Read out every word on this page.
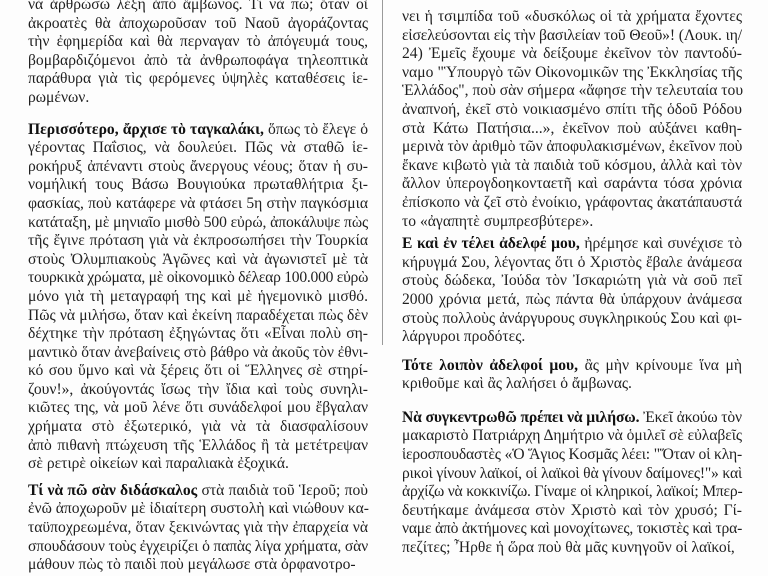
νὰ ἀρθρώσω λέξη ἀπὸ ἄμβωνος. Τί νὰ πῶ; ὅταν οἱ
ἀκροατὲς θὰ ἀποχωροῦσαν τοῦ Ναοῦ ἀγοράζοντας
τὴν ἐφημερίδα καὶ θὰ περναγαν τὸ ἀπόγευμά τους,
βομβαρδιζόμενοι ἀπὸ τὰ ἀνθρωποφάγα τηλεοπτικὰ
παράθυρα γιὰ τὶς φερόμενες ὑψηλὲς καταθέσεις ἱε-
ρωμένων.
Περισσότερο, ἄρχισε τὸ ταγκαλάκι, ὅπως τὸ ἔλεγε ὁ
γέροντας Παΐσιος, νὰ δουλεύει. Πῶς νὰ σταθῶ ἱε-
ροκήρυξ ἀπέναντι στοὺς ἄνεργους νέους; ὅταν ἡ συ-
νομήλική τους Βάσω Βουγιούκα πρωταθλήτρια ξι-
φασκίας, ποὺ κατάφερε νὰ φτάσει 5η στὴν παγκόσμια
κατάταξη, μὲ μηνιαῖο μισθὸ 500 εὐρώ, ἀποκάλυψε πὼς
τῆς ἔγινε πρόταση γιὰ νὰ ἐκπροσωπήσει τὴν Τουρκία
στοὺς Ὀλυμπιακοὺς Ἀγῶνες καὶ νὰ ἀγωνιστεῖ μὲ τὰ
τουρκικὰ χρώματα, μὲ οἰκονομικὸ δέλεαρ 100.000 εὐρὼ
μόνο γιὰ τὴ μεταγραφή της καὶ μὲ ἡγεμονικὸ μισθό.
Πῶς νὰ μιλήσω, ὅταν καὶ ἐκείνη παραδέχεται πὼς δὲν
δέχτηκε τὴν πρόταση ἐξηγώντας ὅτι «Εἶναι πολὺ ση-
μαντικὸ ὅταν ἀνεβαίνεις στὸ βάθρο νὰ ἀκοῦς τὸν ἐθνι-
κό σου ὕμνο καὶ νὰ ξέρεις ὅτι οἱ Ἕλληνες σὲ στηρί-
ζουν!», ἀκούγοντάς ἴσως τὴν ἴδια καὶ τοὺς συνηλι-
κιῶτες της, νὰ μοῦ λένε ὅτι συνάδελφοί μου ἔβγαλαν
χρήματα στὸ ἐξωτερικό, γιὰ νὰ τὰ διασφαλίσουν
ἀπὸ πιθανὴ πτώχευση τῆς Ἑλλάδος ἢ τὰ μετέτρεψαν
σὲ ρετιρὲ οἰκείων καὶ παραλιακὰ ἐξοχικά.
Τί νὰ πῶ σὰν διδάσκαλος στὰ παιδιὰ τοῦ Ἱεροῦ; ποὺ
ἐνῶ ἀποχωροῦν μὲ ἰδιαίτερη συστολὴ καὶ νιώθουν κα-
ταϋποχρεωμένα, ὅταν ξεκινώντας γιὰ τὴν ἐπαρχεία νὰ
σπουδάσουν τοὺς ἐγχειρίζει ὁ παπὰς λίγα χρήματα, σὰν
μάθουν πὼς τὸ παιδὶ ποὺ μεγάλωσε στὰ ὀρφανοτρο-
νει ἡ τσιμπίδα τοῦ «δυσκόλως οἱ τὰ χρήματα ἔχοντες
εἰσελεύσονται εἰς τὴν βασιλείαν τοῦ Θεοῦ»! (Λουκ. ιη/
24) Ἐμεῖς ἔχουμε νὰ δείξουμε ἐκεῖνον τὸν παντοδύ-
ναμο "Ὑπουργὸ τῶν Οἰκονομικῶν της Ἐκκλησίας τῆς
Ἑλλάδος", ποὺ σὰν σήμερα «ἄφησε τὴν τελευταία του
ἀναπνοή, ἐκεῖ στὸ νοικιασμένο σπίτι τῆς ὁδοῦ Ρόδου
στὰ Κάτω Πατήσια...», ἐκεῖνον ποὺ αὐξάνει καθη-
μερινὰ τὸν ἀριθμὸ τῶν ἀποφυλακισμένων, ἐκεῖνον ποὺ
ἔκανε κιβωτὸ γιὰ τὰ παιδιὰ τοῦ κόσμου, ἀλλὰ καὶ τὸν
ἄλλον ὑπερογδοηκονταετῆ καὶ σαράντα τόσα χρόνια
ἐπίσκοπο νὰ ζεῖ στὸ ἐνοίκιο, γράφοντας ἀκατάπαυστά
το «ἀγαπητὲ συμπρεσβύτερε».
Ε καὶ ἐν τέλει ἀδελφέ μου, ἠρέμησε καὶ συνέχισε τὸ
κήρυγμά Σου, λέγοντας ὅτι ὁ Χριστὸς ἔβαλε ἀνάμεσα
στοὺς δώδεκα, Ἰούδα τὸν Ἰσκαριώτη γιὰ νὰ σοῦ πεῖ
2000 χρόνια μετά, πὼς πάντα θὰ ὑπάρχουν ἀνάμεσα
στοὺς πολλοὺς ἀνάργυρους συγκληρικούς Σου καὶ φι-
λάργυροι προδότες.
Τότε λοιπὸν ἀδελφοί μου, ἂς μὴν κρίνουμε ἵνα μὴ
κριθοῦμε καὶ ἂς λαλήσει ὁ ἄμβωνας.
Νὰ συγκεντρωθῶ πρέπει νὰ μιλήσω. Ἐκεῖ ἀκούω τὸν
μακαριστὸ Πατριάρχη Δημήτριο νὰ ὁμιλεῖ σὲ εὐλαβεῖς
ἱεροσπουδαστὲς «Ὁ Ἅγιος Κοσμᾶς λέει: "Ὅταν οἱ κλη-
ρικοὶ γίνουν λαϊκοί, οἱ λαϊκοὶ θὰ γίνουν δαίμονες!"» καὶ
ἀρχίζω νὰ κοκκινίζω. Γίναμε οἱ κληρικοί, λαϊκοί; Μπερ-
δευτήκαμε ἀνάμεσα στὸν Χριστὸ καὶ τὸν χρυσό; Γί-
ναμε ἀπὸ ἀκτήμονες καὶ μονοχίτωνες, τοκιστὲς καὶ τρα-
πεζίτες; Ἦρθε ἡ ὥρα ποὺ θὰ μᾶς κυνηγοῦν οἱ λαϊκοί,
